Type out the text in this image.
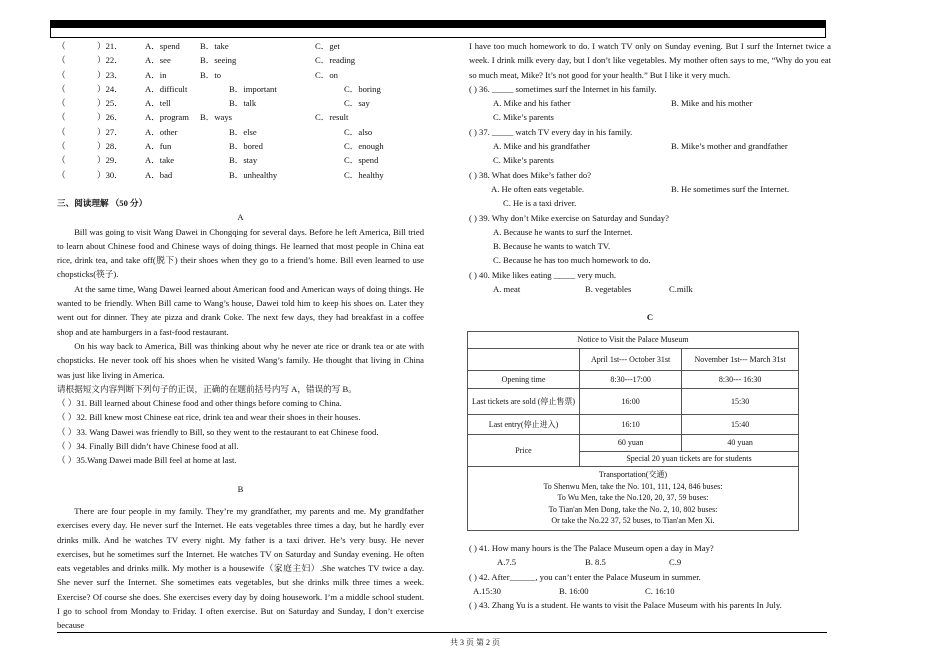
（	）21．	A．spend B．take	C．get
（	）22．	A．see	B．seeing	C．reading
（	）23．	A．in	B．to	C．on
（	）24．	A．difficult	B．important	C．boring
（	）25．	A．tell	B．talk	C．say
（	）26．	A．program B．ways	C．result
（	）27．	A．other	B．else	C．also
（	）28．	A．fun	B．bored	C．enough
（	）29．	A．take	B．stay	C．spend
（	）30．	A．bad	B．unhealthy	C．healthy
三、阅读理解 （50 分）
A
Bill was going to visit Wang Dawei in Chongqing for several days. Before he left America, Bill tried to learn about Chinese food and Chinese ways of doing things. He learned that most people in China eat rice, drink tea, and take off(脱下) their shoes when they go to a friend’s home. Bill even learned to use chopsticks(筷子).
At the same time, Wang Dawei learned about American food and American ways of doing things. He wanted to be friendly. When Bill came to Wang’s house, Dawei told him to keep his shoes on. Later they went out for dinner. They ate pizza and drank Coke. The next few days, they had breakfast in a coffee shop and ate hamburgers in a fast-food restaurant.
On his way back to America, Bill was thinking about why he never ate rice or drank tea or ate with chopsticks. He never took off his shoes when he visited Wang’s family. He thought that living in China was just like living in America.
请根据短文内容判断下列句子的正误，正确的在题前括号内写 A，错误的写 B。
（ ）31. Bill learned about Chinese food and other things before coming to China.
（ ）32. Bill knew most Chinese eat rice, drink tea and wear their shoes in their houses.
（ ）33. Wang Dawei was friendly to Bill, so they went to the restaurant to eat Chinese food.
（ ）34. Finally Bill didn’t have Chinese food at all.
（ ）35.Wang Dawei made Bill feel at home at last.
B
There are four people in my family. They’re my grandfather, my parents and me. My grandfather exercises every day. He never surf the Internet. He eats vegetables three times a day, but he hardly ever drinks milk. And he watches TV every night. My father is a taxi driver. He’s very busy. He never exercises, but he sometimes surf the Internet. He watches TV on Saturday and Sunday evening. He often eats vegetables and drinks milk. My mother is a housewife（家庭主妇）.She watches TV twice a day. She never surf the Internet. She sometimes eats vegetables, but she drinks milk three times a week. Exercise? Of course she does. She exercises every day by doing housework. I’m a middle school student. I go to school from Monday to Friday. I often exercise. But on Saturday and Sunday, I don’t exercise because
I have too much homework to do. I watch TV only on Sunday evening. But I surf the Internet twice a week. I drink milk every day, but I don’t like vegetables. My mother often says to me, “Why do you eat so much meat, Mike? It’s not good for your health.” But I like it very much.
( ) 36. _____ sometimes surf the Internet in his family.
A. Mike and his father	B. Mike and his mother
C. Mike’s parents
( ) 37. _____ watch TV every day in his family.
A. Mike and his grandfather	B. Mike’s mother and grandfather
C. Mike’s parents
( ) 38. What does Mike’s father do?
A. He often eats vegetable.	B. He sometimes surf the Internet.
C. He is a taxi driver.
( ) 39. Why don’t Mike exercise on Saturday and Sunday?
A. Because he wants to surf the Internet.
B. Because he wants to watch TV.
C. Because he has too much homework to do.
( ) 40. Mike likes eating _____ very much.
A. meat	B. vegetables	C.milk
C
Notice to Visit the Palace Museum		
	April 1st--- October 31st	November 1st--- March 31st
Opening time	8:30---17:00	8:30--- 16:30
Last tickets are sold (停止售票)	16:00	15:30
Last entry(停止进入)	16:10	15:40
Price	60 yuan	40 yuan
	Special 20 yuan tickets are for students	

Transportation(交通)
To Shenwu Men, take the No. 101, 111, 124, 846 buses:
To Wu Men, take the No.120, 20, 37, 59 buses:
To Tian'an Men Dong, take the No. 2, 10, 802 buses:
Or take the No.22 37, 52 buses, to Tian'an Men Xi.		
( ) 41. How many hours is the The Palace Museum open a day in May?
A.7.5	B. 8.5	C.9
( ) 42. After______, you can’t enter the Palace Museum in summer.
A.15:30	B. 16:00	C. 16:10
( ) 43. Zhang Yu is a student. He wants to visit the Palace Museum with his parents In July.
共 3 页 第 2 页
